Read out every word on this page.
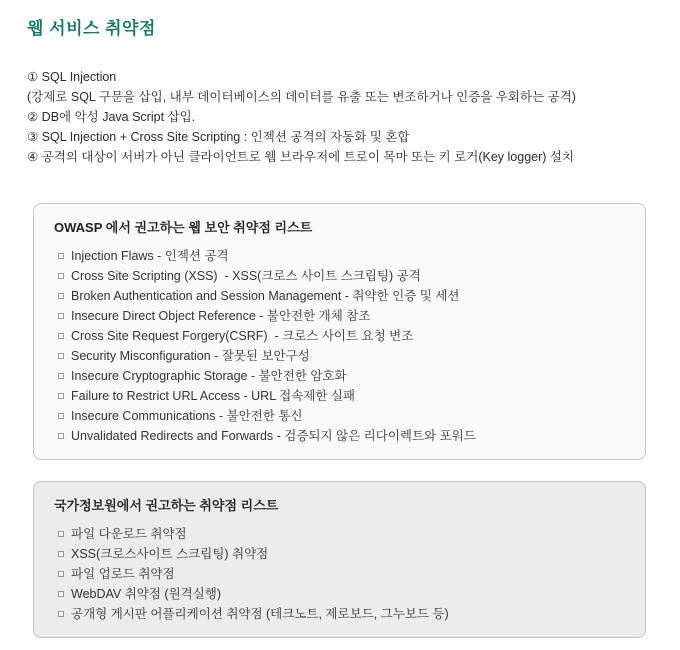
웹 서비스 취약점
① SQL Injection
(강제로 SQL 구문을 삽입, 내부 데이터베이스의 데이터를 유출 또는 변조하거나 인증을 우회하는 공격)
② DB에 악성 Java Script 삽입.
③ SQL Injection + Cross Site Scripting : 인젝션 공격의 자동화 및 혼합
④ 공격의 대상이 서버가 아닌 클라이언트로 웹 브라우저에 트로이 목마 또는 키 로거(Key logger) 설치
OWASP 에서 권고하는 웹 보안 취약점 리스트
Injection Flaws - 인젝션 공격
Cross Site Scripting (XSS)  - XSS(크로스 사이트 스크립팅) 공격
Broken Authentication and Session Management - 취약한 인증 및 세션
Insecure Direct Object Reference - 불안전한 개체 참조
Cross Site Request Forgery(CSRF)  - 크로스 사이트 요청 변조
Security Misconfiguration - 잘못된 보안구성
Insecure Cryptographic Storage - 불안전한 암호화
Failure to Restrict URL Access - URL 접속제한 실패
Insecure Communications - 불안전한 통신
Unvalidated Redirects and Forwards - 검증되지 않은 리다이렉트와 포워드
국가정보원에서 권고하는 취약점 리스트
파일 다운로드 취약점
XSS(크로스사이트 스크립팅) 취약점
파일 업로드 취약점
WebDAV 취약점 (원격실행)
공개형 게시판 어플리케이션 취약점 (테크노트, 제로보드, 그누보드 등)
